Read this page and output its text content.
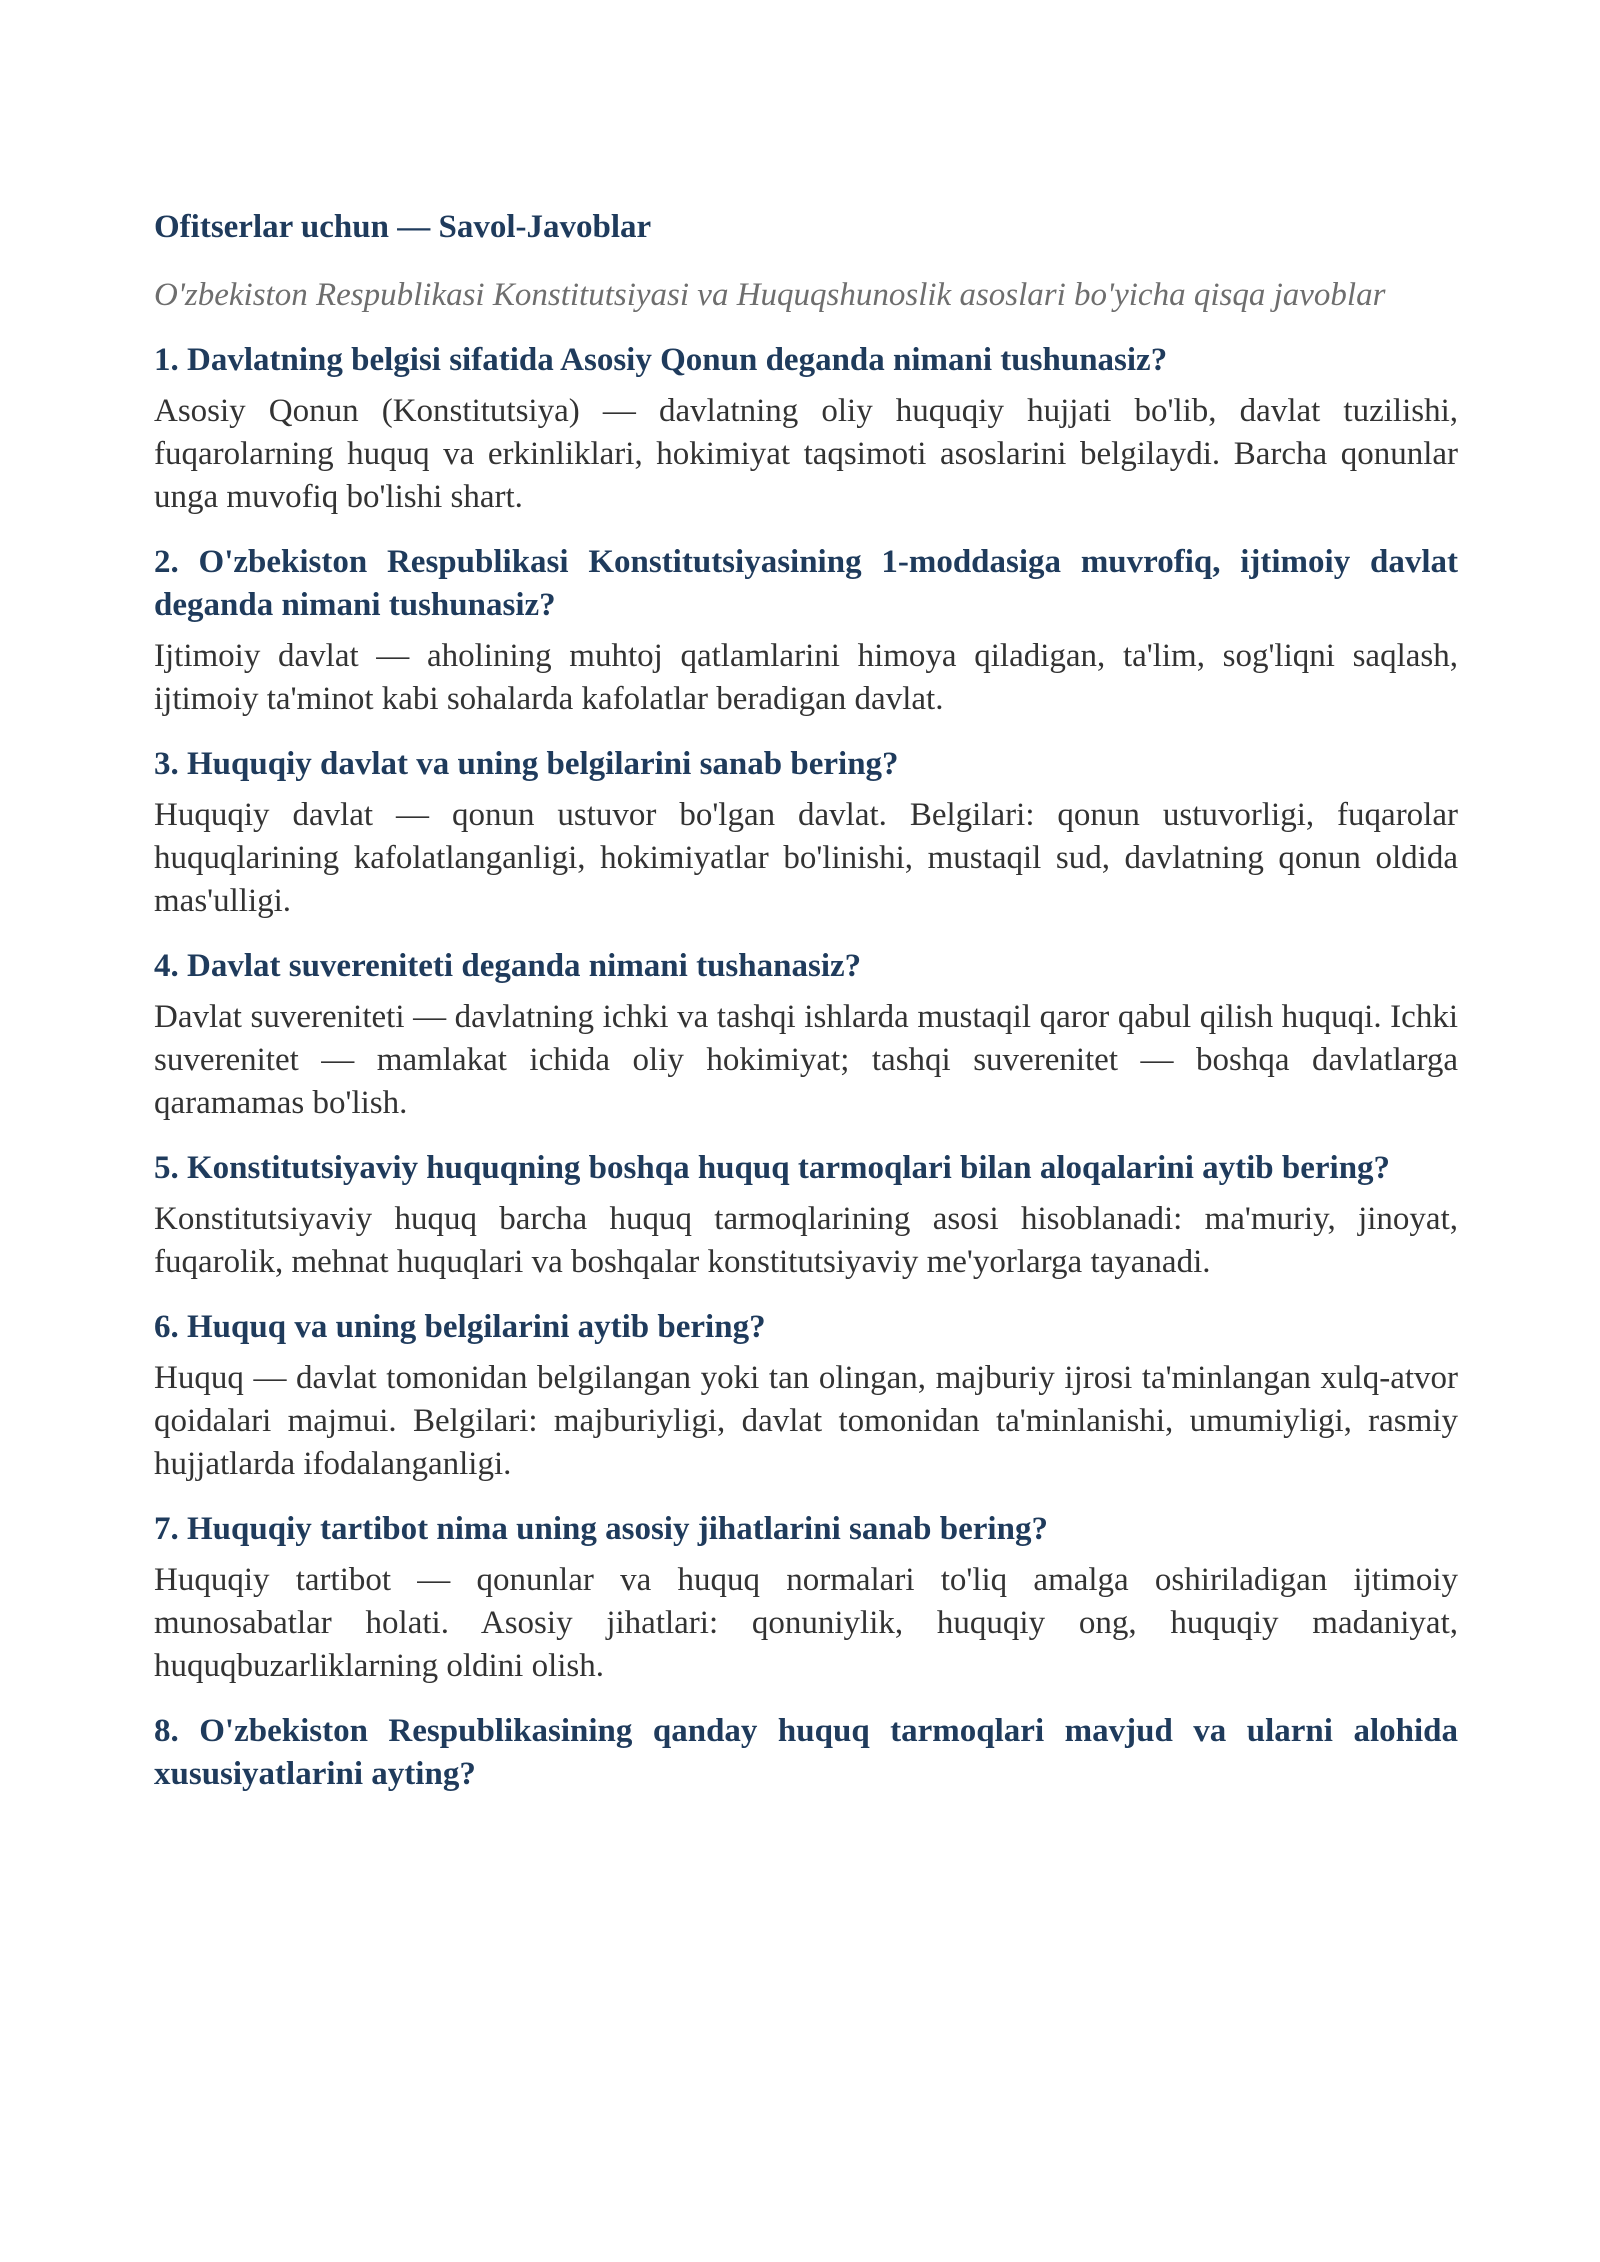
Ofitserlar uchun — Savol-Javoblar
O'zbekiston Respublikasi Konstitutsiyasi va Huquqshunoslik asoslari bo'yicha qisqa javoblar
1. Davlatning belgisi sifatida Asosiy Qonun deganda nimani tushunasiz?
Asosiy Qonun (Konstitutsiya) — davlatning oliy huquqiy hujjati bo'lib, davlat tuzilishi, fuqarolarning huquq va erkinliklari, hokimiyat taqsimoti asoslarini belgilaydi. Barcha qonunlar unga muvofiq bo'lishi shart.
2. O'zbekiston Respublikasi Konstitutsiyasining 1-moddasiga muvrofiq, ijtimoiy davlat deganda nimani tushunasiz?
Ijtimoiy davlat — aholining muhtoj qatlamlarini himoya qiladigan, ta'lim, sog'liqni saqlash, ijtimoiy ta'minot kabi sohalarda kafolatlar beradigan davlat.
3. Huquqiy davlat va uning belgilarini sanab bering?
Huquqiy davlat — qonun ustuvor bo'lgan davlat. Belgilari: qonun ustuvorligi, fuqarolar huquqlarining kafolatlanganligi, hokimiyatlar bo'linishi, mustaqil sud, davlatning qonun oldida mas'ulligi.
4. Davlat suvereniteti deganda nimani tushanasiz?
Davlat suvereniteti — davlatning ichki va tashqi ishlarda mustaqil qaror qabul qilish huquqi. Ichki suverenitet — mamlakat ichida oliy hokimiyat; tashqi suverenitet — boshqa davlatlarga qaramamas bo'lish.
5. Konstitutsiyaviy huquqning boshqa huquq tarmoqlari bilan aloqalarini aytib bering?
Konstitutsiyaviy huquq barcha huquq tarmoqlarining asosi hisoblanadi: ma'muriy, jinoyat, fuqarolik, mehnat huquqlari va boshqalar konstitutsiyaviy me'yorlarga tayanadi.
6. Huquq va uning belgilarini aytib bering?
Huquq — davlat tomonidan belgilangan yoki tan olingan, majburiy ijrosi ta'minlangan xulq-atvor qoidalari majmui. Belgilari: majburiyligi, davlat tomonidan ta'minlanishi, umumiyligi, rasmiy hujjatlarda ifodalanganligi.
7. Huquqiy tartibot nima uning asosiy jihatlarini sanab bering?
Huquqiy tartibot — qonunlar va huquq normalari to'liq amalga oshiriladigan ijtimoiy munosabatlar holati. Asosiy jihatlari: qonuniylik, huquqiy ong, huquqiy madaniyat, huquqbuzarliklarning oldini olish.
8. O'zbekiston Respublikasining qanday huquq tarmoqlari mavjud va ularni alohida xususiyatlarini ayting?
